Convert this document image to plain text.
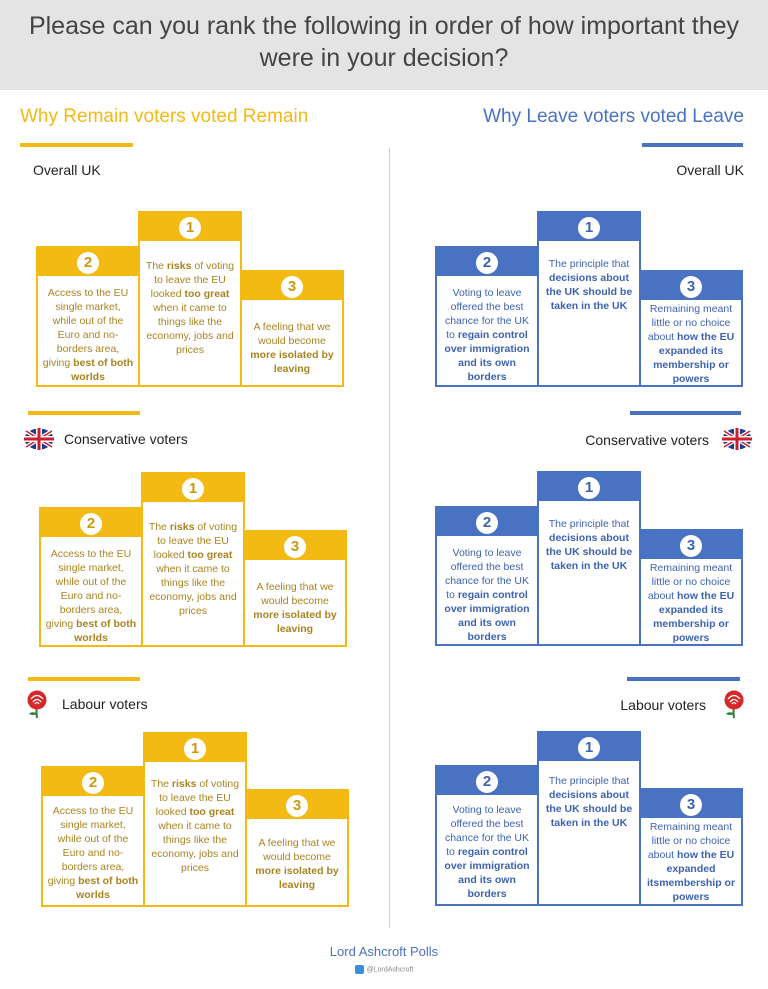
Please can you rank the following in order of how important they were in your decision?
Why Remain voters voted Remain	Why Leave voters voted Leave
Overall UK
1
The risks of voting to leave the EU looked too great when it came to things like the economy, jobs and prices
2
Access to the EU single market, while out of the Euro and no-borders area, giving best of both worlds
3
A feeling that we would become more isolated by leaving
Conservative voters
1
The risks of voting to leave the EU looked too great when it came to things like the economy, jobs and prices
2
Access to the EU single market, while out of the Euro and no-borders area, giving best of both worlds
3
A feeling that we would become more isolated by leaving
Labour voters
1
The risks of voting to leave the EU looked too great when it came to things like the economy, jobs and prices
2
Access to the EU single market, while out of the Euro and no-borders area, giving best of both worlds
3
A feeling that we would become more isolated by leaving
Overall UK
1
The principle that decisions about the UK should be taken in the UK
2
Voting to leave offered the best chance for the UK to regain control over immigration and its own borders
3
Remaining meant little or no choice about how the EU expanded its membership or powers
Conservative voters
1
The principle that decisions about the UK should be taken in the UK
2
Voting to leave offered the best chance for the UK to regain control over immigration and its own borders
3
Remaining meant little or no choice about how the EU expanded its membership or powers
Labour voters
1
The principle that decisions about the UK should be taken in the UK
2
Voting to leave offered the best chance for the UK to regain control over immigration and its own borders
3
Remaining meant little or no choice about how the EU expanded itsmembership or powers
Lord Ashcroft Polls
@LordAshcroft
